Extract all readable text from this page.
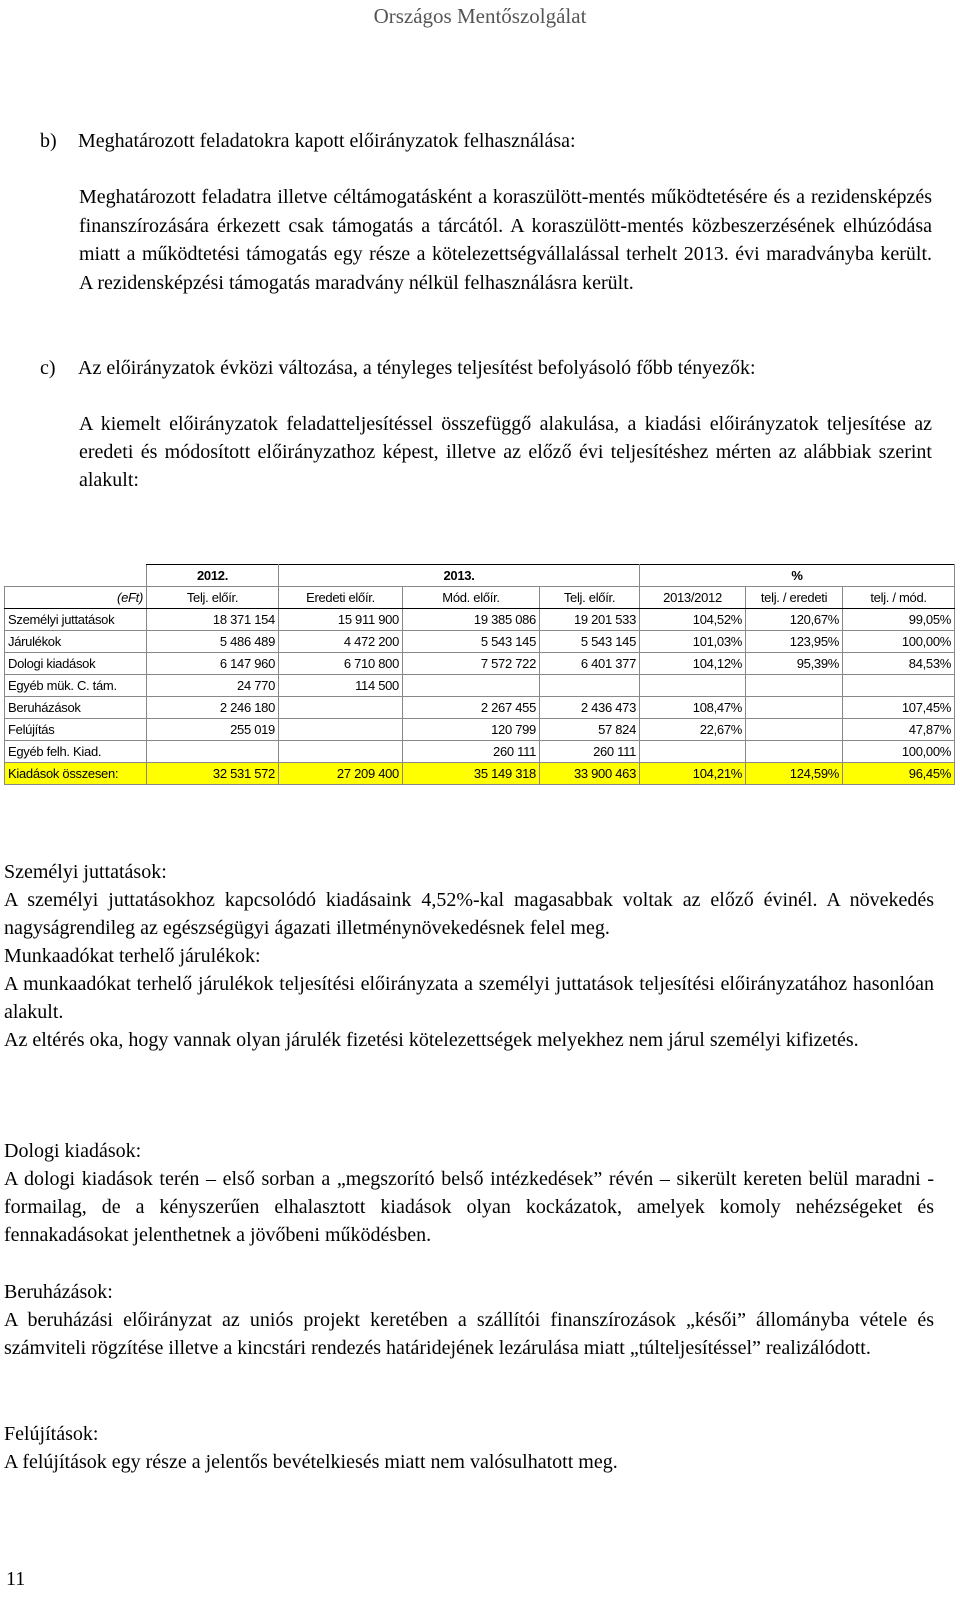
Országos Mentőszolgálat
b) Meghatározott feladatokra kapott előirányzatok felhasználása:
Meghatározott feladatra illetve céltámogatásként a koraszülött-mentés működtetésére és a rezidensképzés finanszírozására érkezett csak támogatás a tárcától. A koraszülött-mentés közbeszerzésének elhúzódása miatt a működtetési támogatás egy része a kötelezettségvállalással terhelt 2013. évi maradványba került. A rezidensképzési támogatás maradvány nélkül felhasználásra került.
c) Az előirányzatok évközi változása, a tényleges teljesítést befolyásoló főbb tényezők:
A kiemelt előirányzatok feladatteljesítéssel összefüggő alakulása, a kiadási előirányzatok teljesítése az eredeti és módosított előirányzathoz képest, illetve az előző évi teljesítéshez mérten az alábbiak szerint alakult:
	2012.	2013.			%		
(eFt)	Telj. előír.	Eredeti előír.	Mód. előír.	Telj. előír.	2013/2012	telj. / eredeti	telj. / mód.
Személyi juttatások	18 371 154	15 911 900	19 385 086	19 201 533	104,52%	120,67%	99,05%
Járulékok	5 486 489	4 472 200	5 543 145	5 543 145	101,03%	123,95%	100,00%
Dologi kiadások	6 147 960	6 710 800	7 572 722	6 401 377	104,12%	95,39%	84,53%
Egyéb mük. C. tám.	24 770	114 500					
Beruházások	2 246 180		2 267 455	2 436 473	108,47%		107,45%
Felújítás	255 019		120 799	57 824	22,67%		47,87%
Egyéb felh. Kiad.			260 111	260 111			100,00%
Kiadások összesen:	32 531 572	27 209 400	35 149 318	33 900 463	104,21%	124,59%	96,45%

Személyi juttatások:

A személyi juttatásokhoz kapcsolódó kiadásaink 4,52%-kal magasabbak voltak az előző évinél. A növekedés nagyságrendileg az egészségügyi ágazati illetménynövekedésnek felel meg.

Munkaadókat terhelő járulékok:

A munkaadókat terhelő járulékok teljesítési előirányzata a személyi juttatások teljesítési előirányzatához hasonlóan alakult.

Az eltérés oka, hogy vannak olyan járulék fizetési kötelezettségek melyekhez nem járul személyi kifizetés.

Dologi kiadások:

A dologi kiadások terén – első sorban a „megszorító belső intézkedések” révén – sikerült kereten belül maradni - formailag, de a kényszerűen elhalasztott kiadások olyan kockázatok, amelyek komoly nehézségeket és fennakadásokat jelenthetnek a jövőbeni működésben.

Beruházások:

A beruházási előirányzat az uniós projekt keretében a szállítói finanszírozások „késői” állományba vétele és számviteli rögzítése illetve a kincstári rendezés határidejének lezárulása miatt „túlteljesítéssel” realizálódott.

Felújítások:

A felújítások egy része a jelentős bevételkiesés miatt nem valósulhatott meg.

11
